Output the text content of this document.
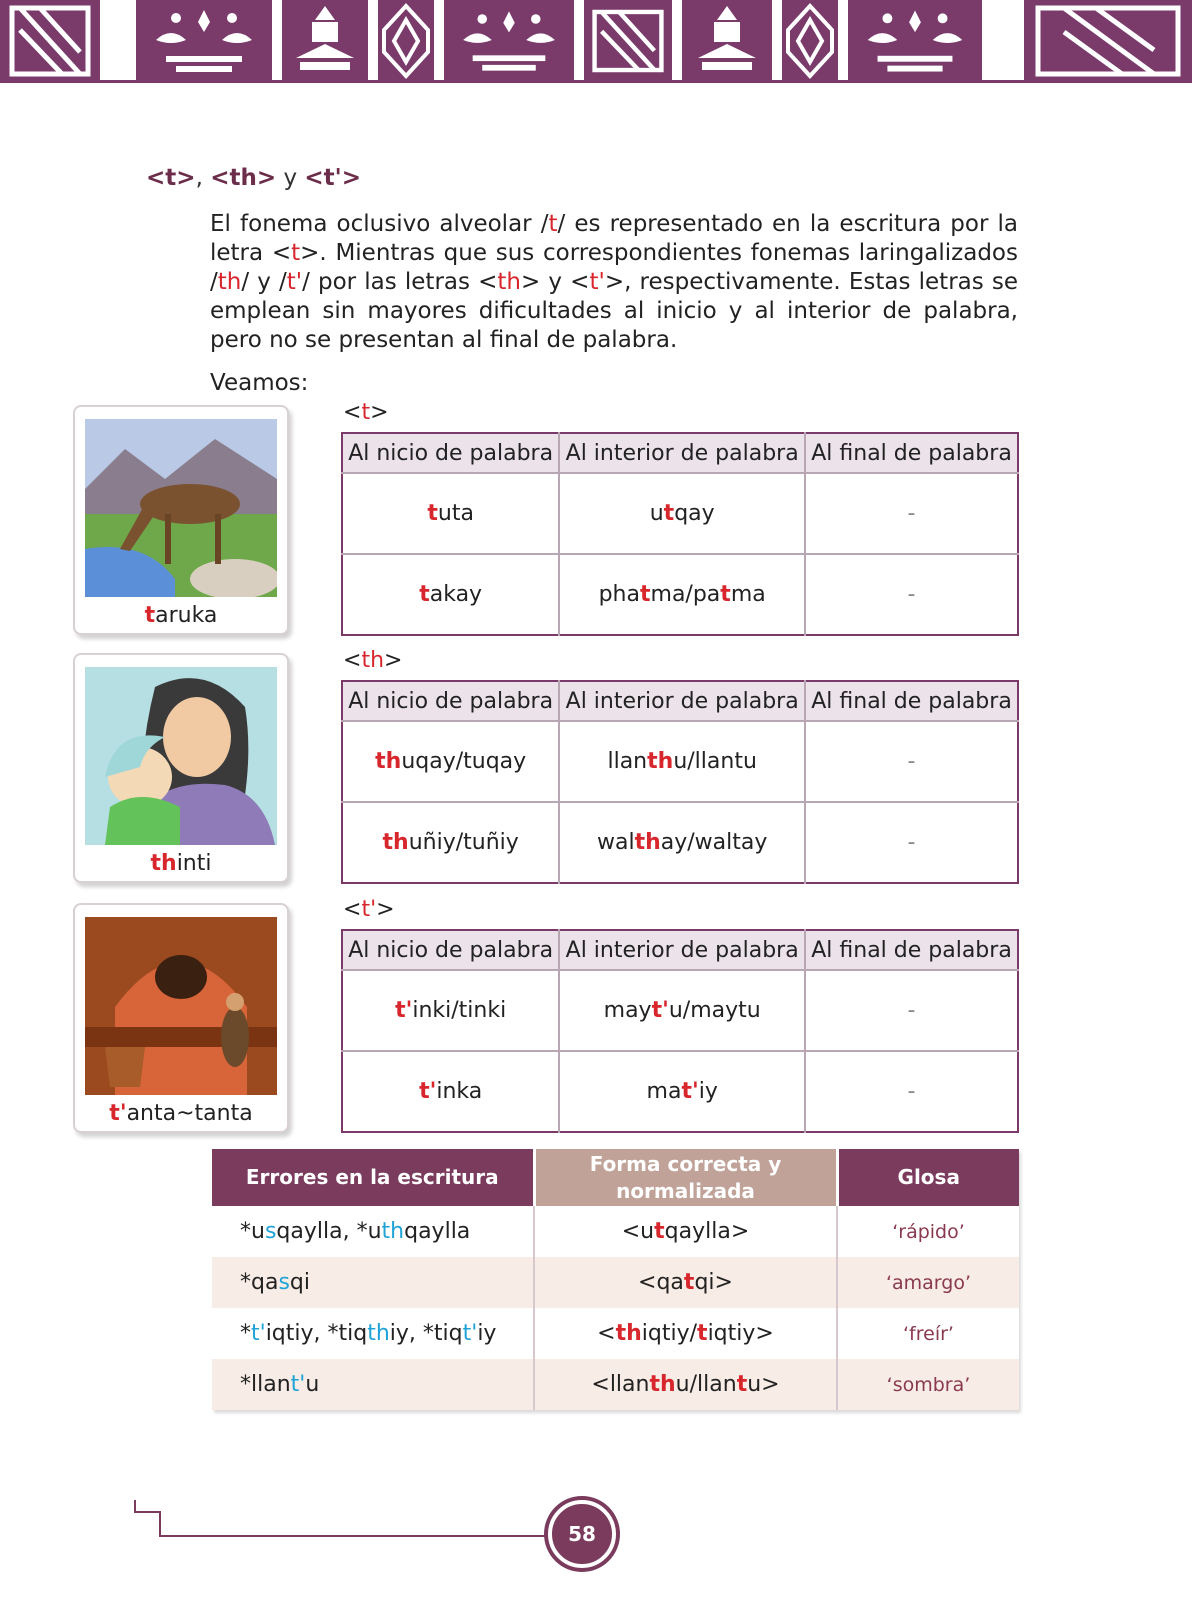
<t>, <th> y <t'>
El fonema oclusivo alveolar /t/ es representado en la escritura por la letra <t>. Mientras que sus correspondientes fonemas laringalizados /th/ y /t'/ por las letras <th> y <t'>, respectivamente. Estas letras se emplean sin mayores dificultades al inicio y al interior de palabra, pero no se presentan al final de palabra.
Veamos:
taruka
thinti
t'anta~tanta
<t>
Al nicio de palabra	Al interior de palabra	Al final de palabra
tuta	utqay	-
takay	phatma/patma	-
<th>
Al nicio de palabra	Al interior de palabra	Al final de palabra
thuqay/tuqay	llanthu/llantu	-
thuñiy/tuñiy	walthay/waltay	-
<t'>
Al nicio de palabra	Al interior de palabra	Al final de palabra
t'inki/tinki	mayt'u/maytu	-
t'inka	mat'iy	-
Errores en la escritura	Forma correcta y normalizada	Glosa
*usqaylla, *uthqaylla	<utqaylla>	‘rápido’
*qasqi	<qatqi>	‘amargo’
*t'iqtiy, *tiqthiy, *tiqt'iy	<thiqtiy/tiqtiy>	‘freír’
*llant'u	<llanthu/llantu>	‘sombra’
58
